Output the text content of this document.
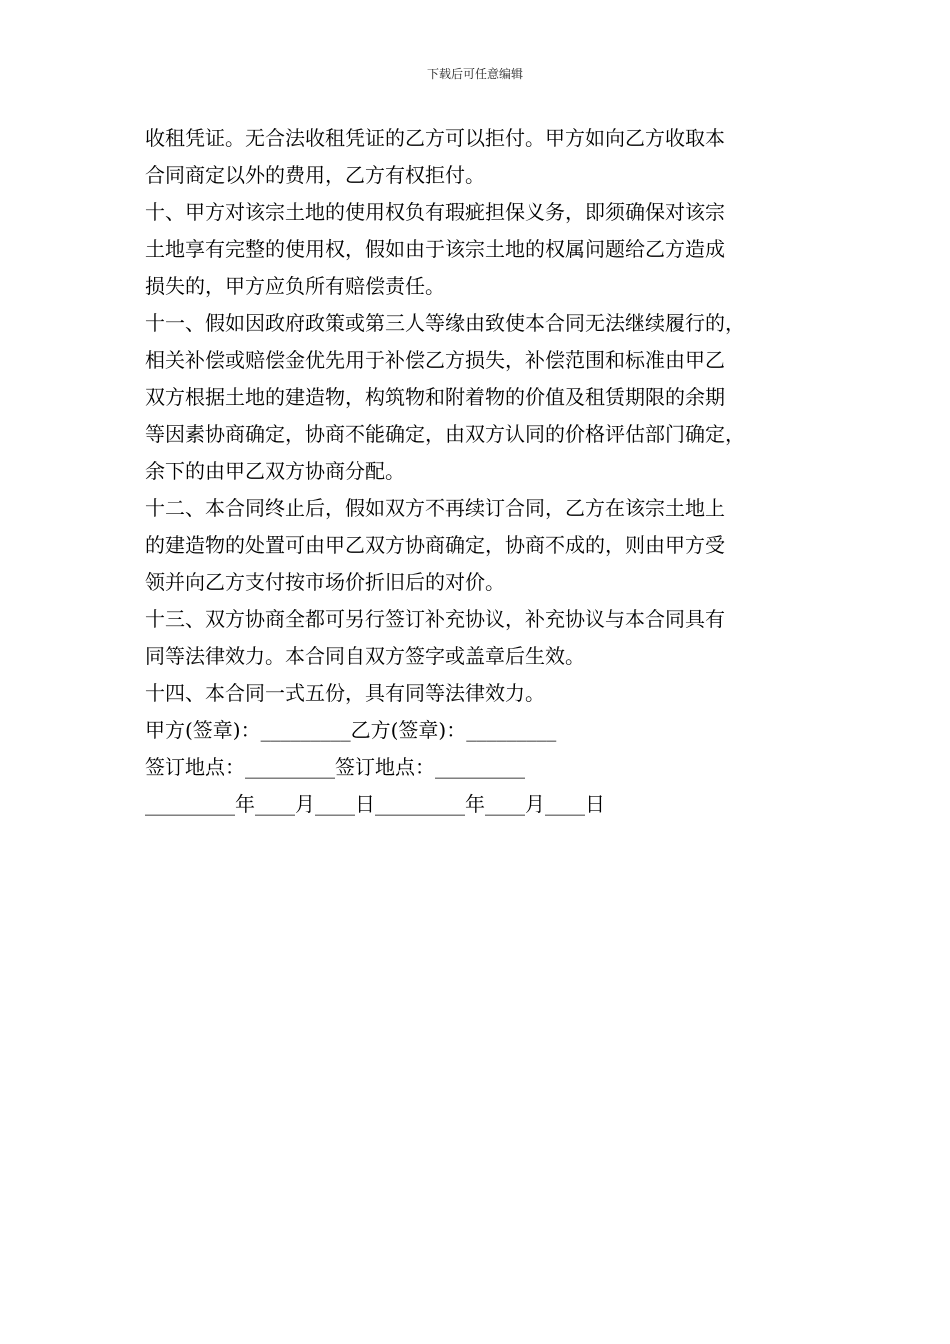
下载后可任意编辑
收租凭证。无合法收租凭证的乙方可以拒付。甲方如向乙方收取本
合同商定以外的费用，乙方有权拒付。
十、甲方对该宗土地的使用权负有瑕疵担保义务，即须确保对该宗
土地享有完整的使用权，假如由于该宗土地的权属问题给乙方造成
损失的，甲方应负所有赔偿责任。
十一、假如因政府政策或第三人等缘由致使本合同无法继续履行的，
相关补偿或赔偿金优先用于补偿乙方损失，补偿范围和标准由甲乙
双方根据土地的建造物，构筑物和附着物的价值及租赁期限的余期
等因素协商确定，协商不能确定，由双方认同的价格评估部门确定，
余下的由甲乙双方协商分配。
十二、本合同终止后，假如双方不再续订合同，乙方在该宗土地上
的建造物的处置可由甲乙双方协商确定，协商不成的，则由甲方受
领并向乙方支付按市场价折旧后的对价。
十三、双方协商全都可另行签订补充协议，补充协议与本合同具有
同等法律效力。本合同自双方签字或盖章后生效。
十四、本合同一式五份，具有同等法律效力。
甲方(签章)：_________乙方(签章)：_________
签订地点：_________签订地点：_________
_________年____月____日_________年____月____日
